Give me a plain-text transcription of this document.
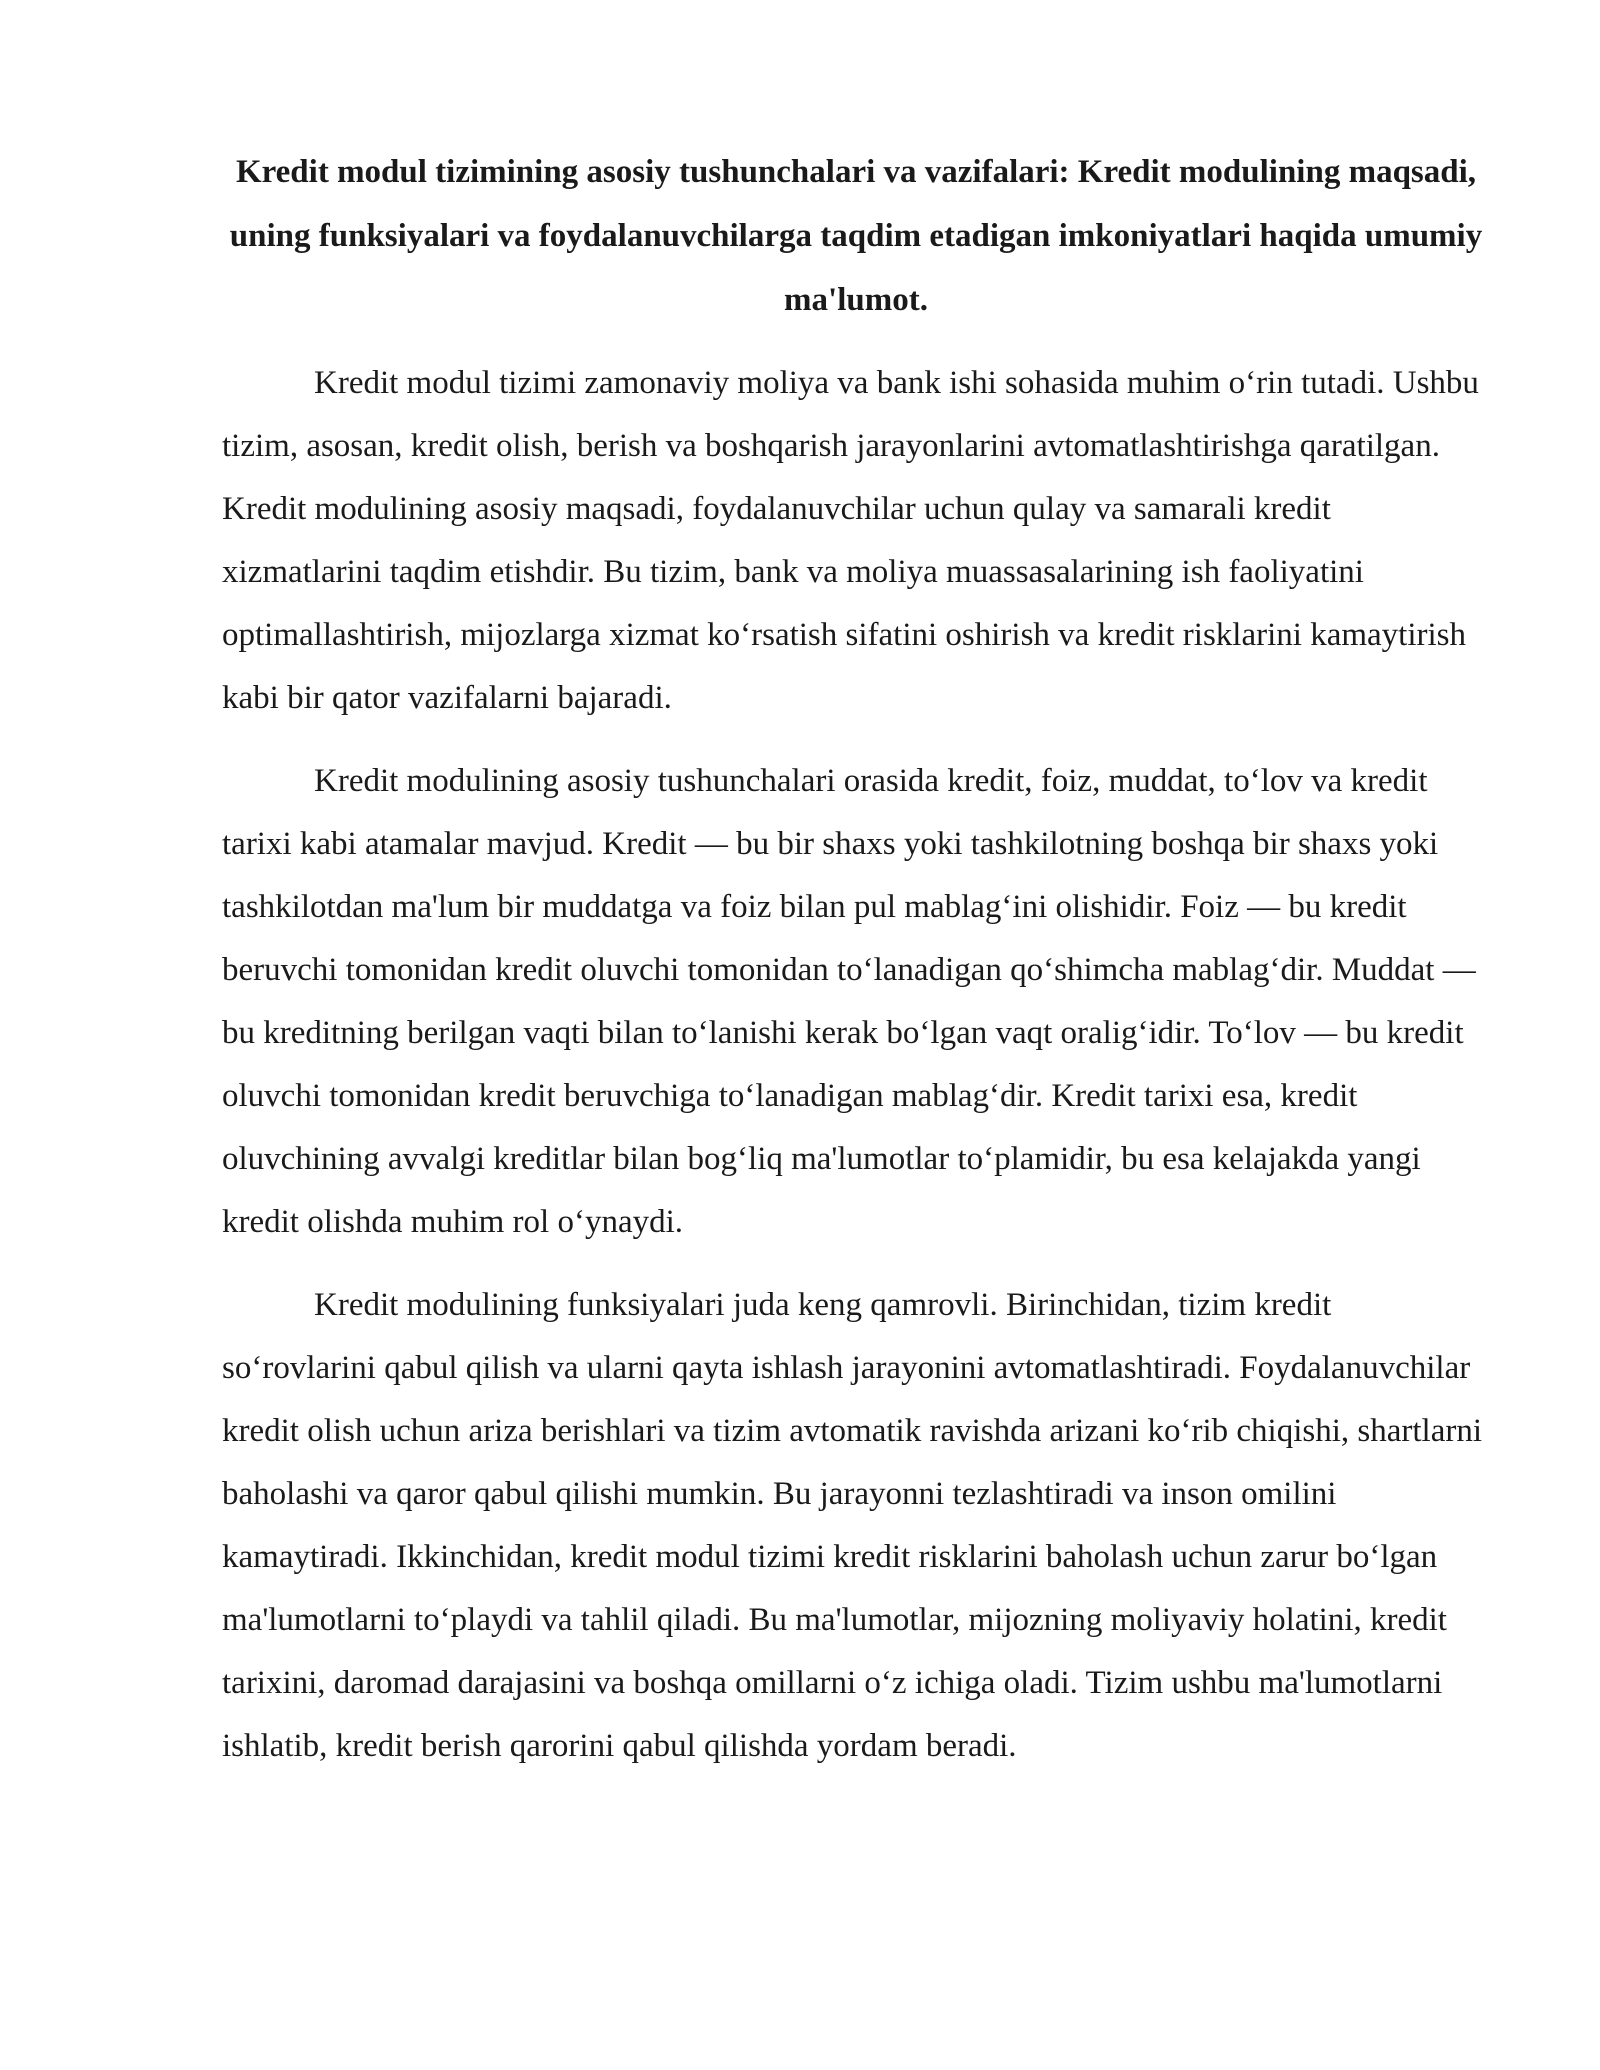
Kredit modul tizimining asosiy tushunchalari va vazifalari: Kredit modulining maqsadi, uning funksiyalari va foydalanuvchilarga taqdim etadigan imkoniyatlari haqida umumiy ma'lumot.

Kredit modul tizimi zamonaviy moliya va bank ishi sohasida muhim oʻrin tutadi. Ushbu tizim, asosan, kredit olish, berish va boshqarish jarayonlarini avtomatlashtirishga qaratilgan. Kredit modulining asosiy maqsadi, foydalanuvchilar uchun qulay va samarali kredit xizmatlarini taqdim etishdir. Bu tizim, bank va moliya muassasalarining ish faoliyatini optimallashtirish, mijozlarga xizmat koʻrsatish sifatini oshirish va kredit risklarini kamaytirish kabi bir qator vazifalarni bajaradi.

Kredit modulining asosiy tushunchalari orasida kredit, foiz, muddat, toʻlov va kredit tarixi kabi atamalar mavjud. Kredit — bu bir shaxs yoki tashkilotning boshqa bir shaxs yoki tashkilotdan ma'lum bir muddatga va foiz bilan pul mablagʻini olishidir. Foiz — bu kredit beruvchi tomonidan kredit oluvchi tomonidan toʻlanadigan qoʻshimcha mablagʻdir. Muddat — bu kreditning berilgan vaqti bilan toʻlanishi kerak boʻlgan vaqt oraligʻidir. Toʻlov — bu kredit oluvchi tomonidan kredit beruvchiga toʻlanadigan mablagʻdir. Kredit tarixi esa, kredit oluvchining avvalgi kreditlar bilan bogʻliq ma'lumotlar toʻplamidir, bu esa kelajakda yangi kredit olishda muhim rol oʻynaydi.

Kredit modulining funksiyalari juda keng qamrovli. Birinchidan, tizim kredit soʻrovlarini qabul qilish va ularni qayta ishlash jarayonini avtomatlashtiradi. Foydalanuvchilar kredit olish uchun ariza berishlari va tizim avtomatik ravishda arizani koʻrib chiqishi, shartlarni baholashi va qaror qabul qilishi mumkin. Bu jarayonni tezlashtiradi va inson omilini kamaytiradi. Ikkinchidan, kredit modul tizimi kredit risklarini baholash uchun zarur boʻlgan ma'lumotlarni toʻplaydi va tahlil qiladi. Bu ma'lumotlar, mijozning moliyaviy holatini, kredit tarixini, daromad darajasini va boshqa omillarni oʻz ichiga oladi. Tizim ushbu ma'lumotlarni ishlatib, kredit berish qarorini qabul qilishda yordam beradi.
